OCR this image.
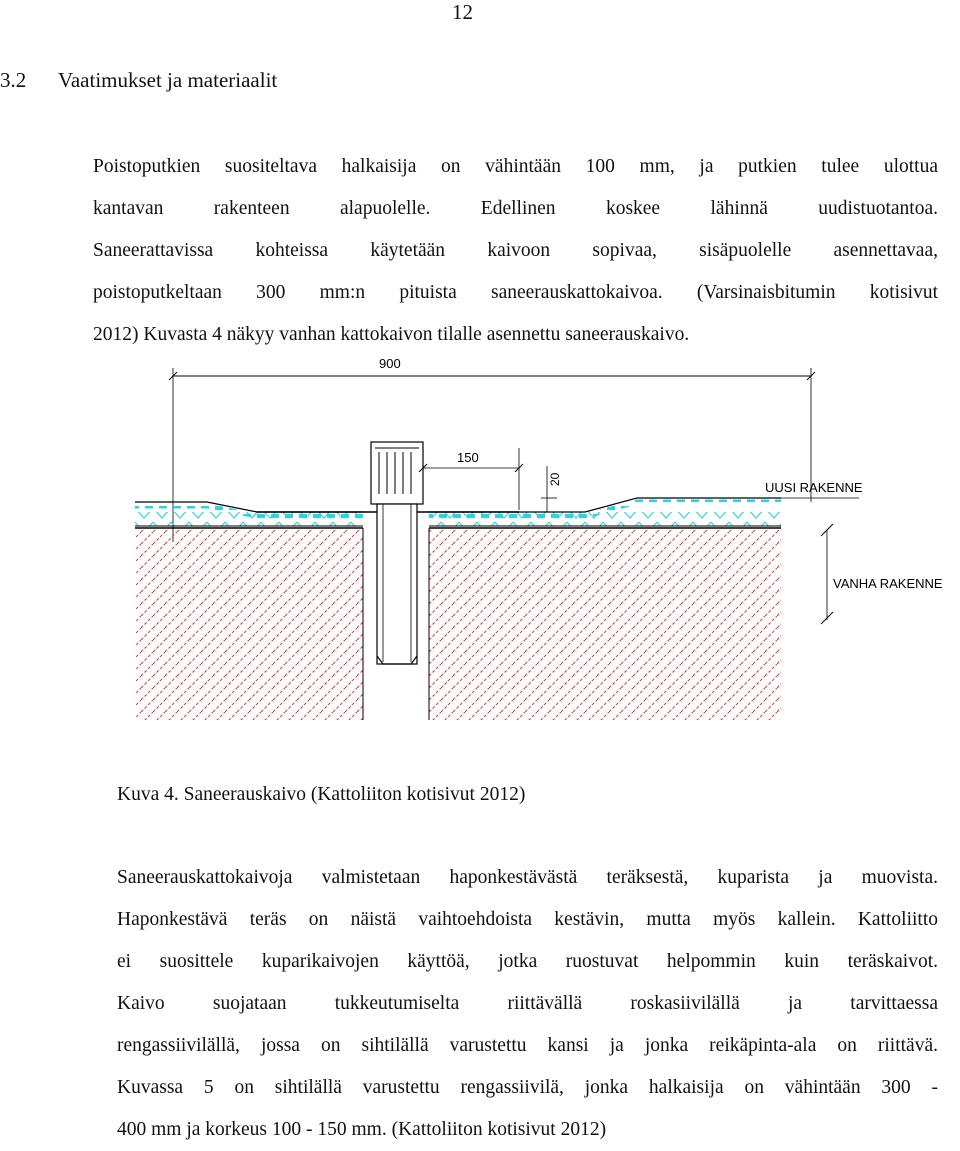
12
3.2 Vaatimukset ja materiaalit
Poistoputkien suositeltava halkaisija on vähintään 100 mm, ja putkien tulee ulottua
kantavan rakenteen alapuolelle. Edellinen koskee lähinnä uudistuotantoa.
Saneerattavissa kohteissa käytetään kaivoon sopivaa, sisäpuolelle asennettavaa,
poistoputkeltaan 300 mm:n pituista saneerauskattokaivoa. (Varsinaisbitumin kotisivut
2012) Kuvasta 4 näkyy vanhan kattokaivon tilalle asennettu saneerauskaivo.
900
150
20
UUSI RAKENNE
VANHA RAKENNE
Kuva 4. Saneerauskaivo (Kattoliiton kotisivut 2012)
Saneerauskattokaivoja valmistetaan haponkestävästä teräksestä, kuparista ja muovista.
Haponkestävä teräs on näistä vaihtoehdoista kestävin, mutta myös kallein. Kattoliitto
ei suosittele kuparikaivojen käyttöä, jotka ruostuvat helpommin kuin teräskaivot.
Kaivo suojataan tukkeutumiselta riittävällä roskasiivilällä ja tarvittaessa
rengassiivilällä, jossa on sihtilällä varustettu kansi ja jonka reikäpinta-ala on riittävä.
Kuvassa 5 on sihtilällä varustettu rengassiivilä, jonka halkaisija on vähintään 300 -
400 mm ja korkeus 100 - 150 mm. (Kattoliiton kotisivut 2012)
